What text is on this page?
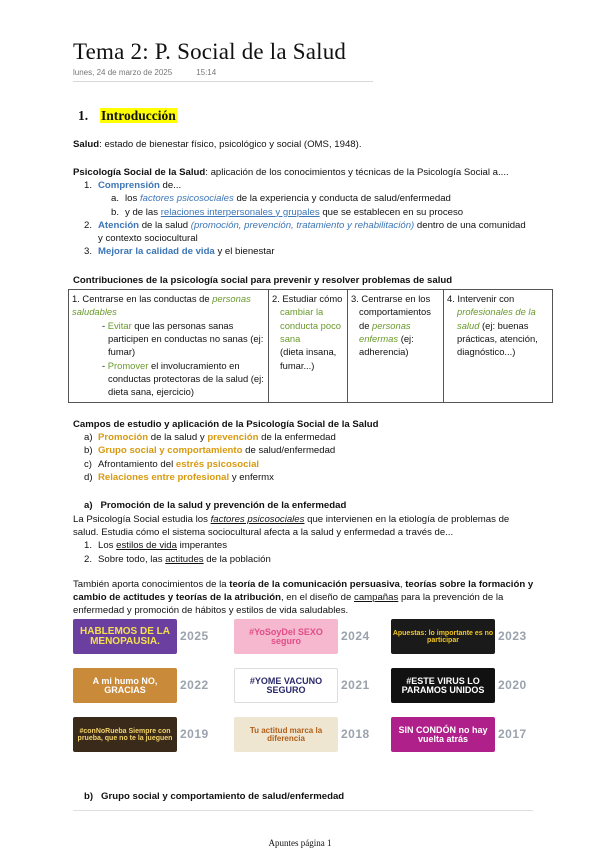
Tema 2: P. Social de la Salud
lunes, 24 de marzo de 2025	15:14
1. Introducción
Salud: estado de bienestar físico, psicológico y social (OMS, 1948).
Psicología Social de la Salud: aplicación de los conocimientos y técnicas de la Psicología Social a....
1. Comprensión de...
a. los factores psicosociales de la experiencia y conducta de salud/enfermedad
b. y de las relaciones interpersonales y grupales que se establecen en su proceso
2. Atención de la salud (promoción, prevención, tratamiento y rehabilitación) dentro de una comunidad
y contexto sociocultural
3. Mejorar la calidad de vida y el bienestar
Contribuciones de la psicología social para prevenir y resolver problemas de salud
1. Centrarse en las conductas de personas saludables
- Evitar que las personas sanas participen en conductas no sanas (ej: fumar)
- Promover el involucramiento en conductas protectoras de la salud (ej: dieta sana, ejercicio)

2. Estudiar cómo
cambiar la conducta poco sana
(dieta insana, fumar...)

3. Centrarse en los comportamientos de personas enfermas (ej: adherencia)

4. Intervenir con profesionales de la salud (ej: buenas prácticas, atención, diagnóstico...)
Campos de estudio y aplicación de la Psicología Social de la Salud
a) Promoción de la salud y prevención de la enfermedad
b) Grupo social y comportamiento de salud/enfermedad
c) Afrontamiento del estrés psicosocial
d) Relaciones entre profesional y enfermx
a)   Promoción de la salud y prevención de la enfermedad
La Psicología Social estudia los factores psicosociales que intervienen en la etiología de problemas de
salud. Estudia cómo el sistema sociocultural afecta a la salud y enfermedad a través de...
1. Los estilos de vida imperantes
2. Sobre todo, las actitudes de la población
También aporta conocimientos de la teoría de la comunicación persuasiva, teorías sobre la formación y
cambio de actitudes y teorías de la atribución, en el diseño de campañas para la prevención de la
enfermedad y promoción de hábitos y estilos de vida saludables.
HABLEMOS DE LA MENOPAUSIA.	2025	#YoSoyDel SEXO seguro	2024	Apuestas: lo importante es no participar	2023
A mi humo NO, GRACIAS	2022	#YOME VACUNO SEGURO	2021	#ESTE VIRUS LO PARAMOS UNIDOS	2020
#conNoRueba Siempre con prueba, que no te la jueguen 2019	Tu actitud marca la diferencia	2018	SIN CONDÓN no hay vuelta atrás	2017
b)   Grupo social y comportamiento de salud/enfermedad
Apuntes página 1
